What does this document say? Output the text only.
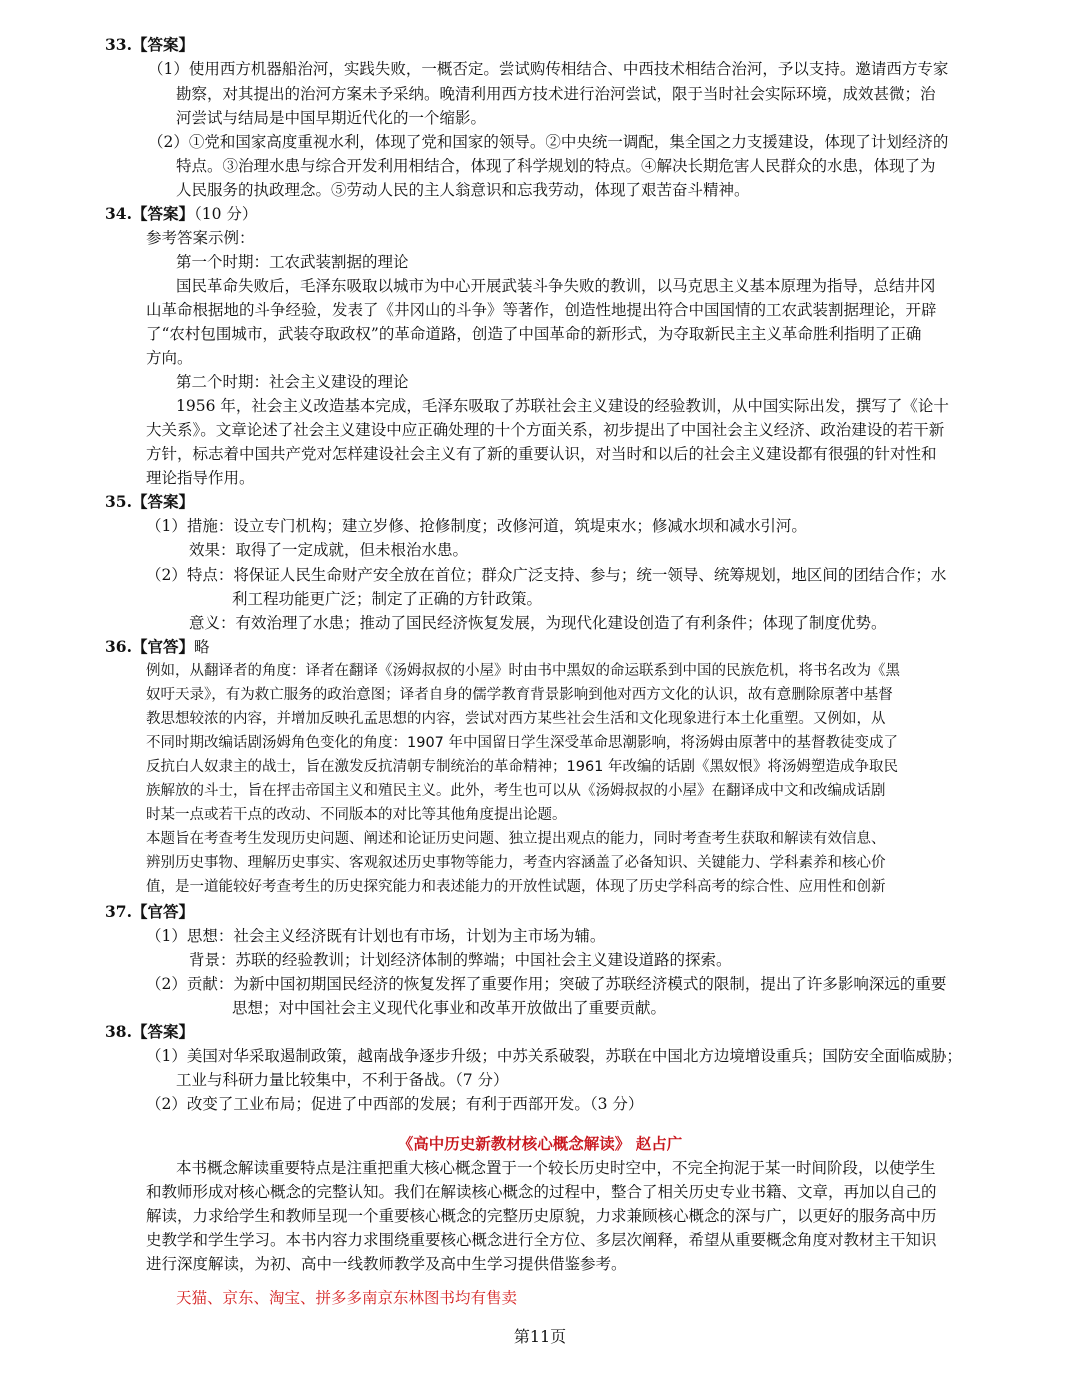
33.【答案】
（1）使用西方机器船治河，实践失败，一概否定。尝试购传相结合、中西技术相结合治河，予以支持。邀请西方专家
勘察，对其提出的治河方案未予采纳。晚清利用西方技术进行治河尝试，限于当时社会实际环境，成效甚微；治
河尝试与结局是中国早期近代化的一个缩影。
（2）①党和国家高度重视水利，体现了党和国家的领导。②中央统一调配，集全国之力支援建设，体现了计划经济的
特点。③治理水患与综合开发利用相结合，体现了科学规划的特点。④解决长期危害人民群众的水患，体现了为
人民服务的执政理念。⑤劳动人民的主人翁意识和忘我劳动，体现了艰苦奋斗精神。
34.【答案】（10 分）
参考答案示例：
第一个时期：工农武装割据的理论
国民革命失败后，毛泽东吸取以城市为中心开展武装斗争失败的教训，以马克思主义基本原理为指导，总结井冈
山革命根据地的斗争经验，发表了《井冈山的斗争》等著作，创造性地提出符合中国国情的工农武装割据理论，开辟
了“农村包围城市，武装夺取政权”的革命道路，创造了中国革命的新形式，为夺取新民主主义革命胜利指明了正确
方向。
第二个时期：社会主义建设的理论
1956 年，社会主义改造基本完成，毛泽东吸取了苏联社会主义建设的经验教训，从中国实际出发，撰写了《论十
大关系》。文章论述了社会主义建设中应正确处理的十个方面关系，初步提出了中国社会主义经济、政治建设的若干新
方针，标志着中国共产党对怎样建设社会主义有了新的重要认识，对当时和以后的社会主义建设都有很强的针对性和
理论指导作用。
35.【答案】
（1）措施：设立专门机构；建立岁修、抢修制度；改修河道，筑堤束水；修减水坝和减水引河。
效果：取得了一定成就，但未根治水患。
（2）特点：将保证人民生命财产安全放在首位；群众广泛支持、参与；统一领导、统筹规划，地区间的团结合作；水
利工程功能更广泛；制定了正确的方针政策。
意义：有效治理了水患；推动了国民经济恢复发展，为现代化建设创造了有利条件；体现了制度优势。
36.【官答】略
例如，从翻译者的角度：译者在翻译《汤姆叔叔的小屋》时由书中黑奴的命运联系到中国的民族危机，将书名改为《黑
奴吁天录》，有为救亡服务的政治意图；译者自身的儒学教育背景影响到他对西方文化的认识，故有意删除原著中基督
教思想较浓的内容，并增加反映孔孟思想的内容，尝试对西方某些社会生活和文化现象进行本土化重塑。又例如，从
不同时期改编话剧汤姆角色变化的角度：1907 年中国留日学生深受革命思潮影响，将汤姆由原著中的基督教徒变成了
反抗白人奴隶主的战士，旨在激发反抗清朝专制统治的革命精神；1961 年改编的话剧《黑奴恨》将汤姆塑造成争取民
族解放的斗士，旨在抨击帝国主义和殖民主义。此外，考生也可以从《汤姆叔叔的小屋》在翻译成中文和改编成话剧
时某一点或若干点的改动、不同版本的对比等其他角度提出论题。
本题旨在考查考生发现历史问题、阐述和论证历史问题、独立提出观点的能力，同时考查考生获取和解读有效信息、
辨别历史事物、理解历史事实、客观叙述历史事物等能力，考查内容涵盖了必备知识、关键能力、学科素养和核心价
值，是一道能较好考查考生的历史探究能力和表述能力的开放性试题，体现了历史学科高考的综合性、应用性和创新
37.【官答】
（1）思想：社会主义经济既有计划也有市场，计划为主市场为辅。
背景：苏联的经验教训；计划经济体制的弊端；中国社会主义建设道路的探索。
（2）贡献：为新中国初期国民经济的恢复发挥了重要作用；突破了苏联经济模式的限制，提出了许多影响深远的重要
思想；对中国社会主义现代化事业和改革开放做出了重要贡献。
38.【答案】
（1）美国对华采取遏制政策，越南战争逐步升级；中苏关系破裂，苏联在中国北方边境增设重兵；国防安全面临威胁；
工业与科研力量比较集中，不利于备战。（7 分）
（2）改变了工业布局；促进了中西部的发展；有利于西部开发。（3 分）
《高中历史新教材核心概念解读》 赵占广
本书概念解读重要特点是注重把重大核心概念置于一个较长历史时空中，不完全拘泥于某一时间阶段，以使学生
和教师形成对核心概念的完整认知。我们在解读核心概念的过程中，整合了相关历史专业书籍、文章，再加以自己的
解读，力求给学生和教师呈现一个重要核心概念的完整历史原貌，力求兼顾核心概念的深与广，以更好的服务高中历
史教学和学生学习。本书内容力求围绕重要核心概念进行全方位、多层次阐释，希望从重要概念角度对教材主干知识
进行深度解读，为初、高中一线教师教学及高中生学习提供借鉴参考。
天猫、京东、淘宝、拼多多南京东林图书均有售卖
第11页
